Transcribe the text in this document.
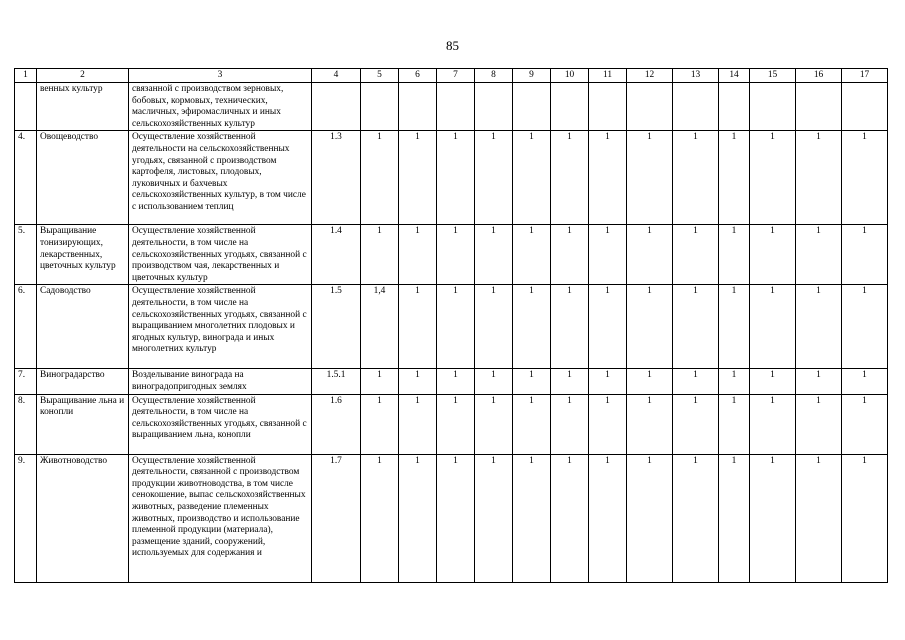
85
1	2	3	4	5	6	7	8	9	10	11	12	13	14	15	16	17
	венных культур	связанной с производством зерновых, бобовых, кормовых, технических, масличных, эфиромасличных и иных сельскохозяйственных культур														
4.	Овощеводство	Осуществление хозяйственной деятельности на сельскохозяйственных угодьях, связанной с производством картофеля, листовых, плодовых, луковичных и бахчевых сельскохозяйственных культур, в том числе с использованием теплиц	1.3	1	1	1	1	1	1	1	1	1	1	1	1	1
5.	Выращивание тонизирующих, лекарственных, цветочных культур	Осуществление хозяйственной деятельности, в том числе на сельскохозяйственных угодьях, связанной с производством чая, лекарственных и цветочных культур	1.4	1	1	1	1	1	1	1	1	1	1	1	1	1
6.	Садоводство	Осуществление хозяйственной деятельности, в том числе на сельскохозяйственных угодьях, связанной с выращиванием многолетних плодовых и ягодных культур, винограда и иных многолетних культур	1.5	1,4	1	1	1	1	1	1	1	1	1	1	1	1
7.	Виноградарство	Возделывание винограда на виноградопригодных землях	1.5.1	1	1	1	1	1	1	1	1	1	1	1	1	1
8.	Выращивание льна и конопли	Осуществление хозяйственной деятельности, в том числе на сельскохозяйственных угодьях, связанной с выращиванием льна, конопли	1.6	1	1	1	1	1	1	1	1	1	1	1	1	1
9.	Животноводство	Осуществление хозяйственной деятельности, связанной с производством продукции животноводства, в том числе сенокошение, выпас сельскохозяйственных животных, разведение племенных животных, производство и использование племенной продукции (материала), размещение зданий, сооружений, используемых для содержания и	1.7	1	1	1	1	1	1	1	1	1	1	1	1	1
